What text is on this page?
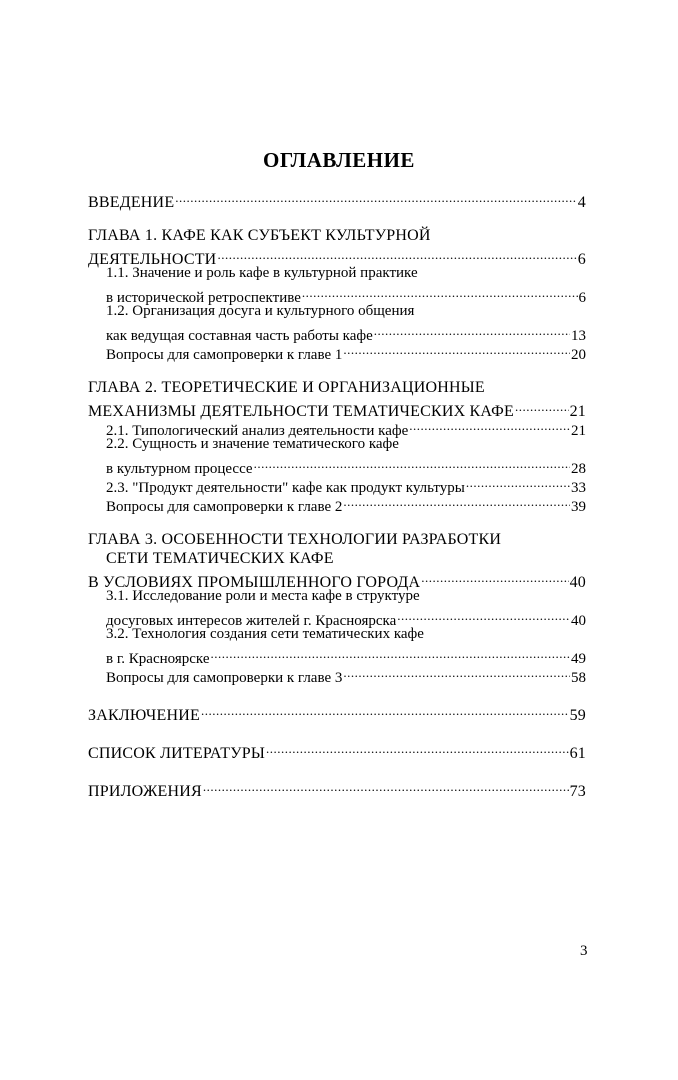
ОГЛАВЛЕНИЕ
ВВЕДЕНИЕ .....	4
ГЛАВА 1. КАФЕ КАК СУБЪЕКТ КУЛЬТУРНОЙ
ДЕЯТЕЛЬНОСТИ .....	6
1.1. Значение и роль кафе в культурной практике
в исторической ретроспективе .....	6
1.2. Организация досуга и культурного общения
как ведущая составная часть работы кафе .....	13
Вопросы для самопроверки к главе 1 .....	20
ГЛАВА 2. ТЕОРЕТИЧЕСКИЕ И ОРГАНИЗАЦИОННЫЕ
МЕХАНИЗМЫ ДЕЯТЕЛЬНОСТИ ТЕМАТИЧЕСКИХ КАФЕ .....	21
2.1. Типологический анализ деятельности кафе .....	21
2.2. Сущность и значение тематического кафе
в культурном процессе .....	28
2.3. "Продукт деятельности" кафе как продукт культуры .....	33
Вопросы для самопроверки к главе 2 .....	39
ГЛАВА 3. ОСОБЕННОСТИ ТЕХНОЛОГИИ РАЗРАБОТКИ
СЕТИ ТЕМАТИЧЕСКИХ КАФЕ
В УСЛОВИЯХ ПРОМЫШЛЕННОГО ГОРОДА .....	40
3.1. Исследование роли и места кафе в структуре
досуговых интересов жителей г. Красноярска .....	40
3.2. Технология создания сети тематических кафе
в г. Красноярске .....	49
Вопросы для самопроверки к главе 3 .....	58
ЗАКЛЮЧЕНИЕ .....	59
СПИСОК ЛИТЕРАТУРЫ .....	61
ПРИЛОЖЕНИЯ .....	73
3
